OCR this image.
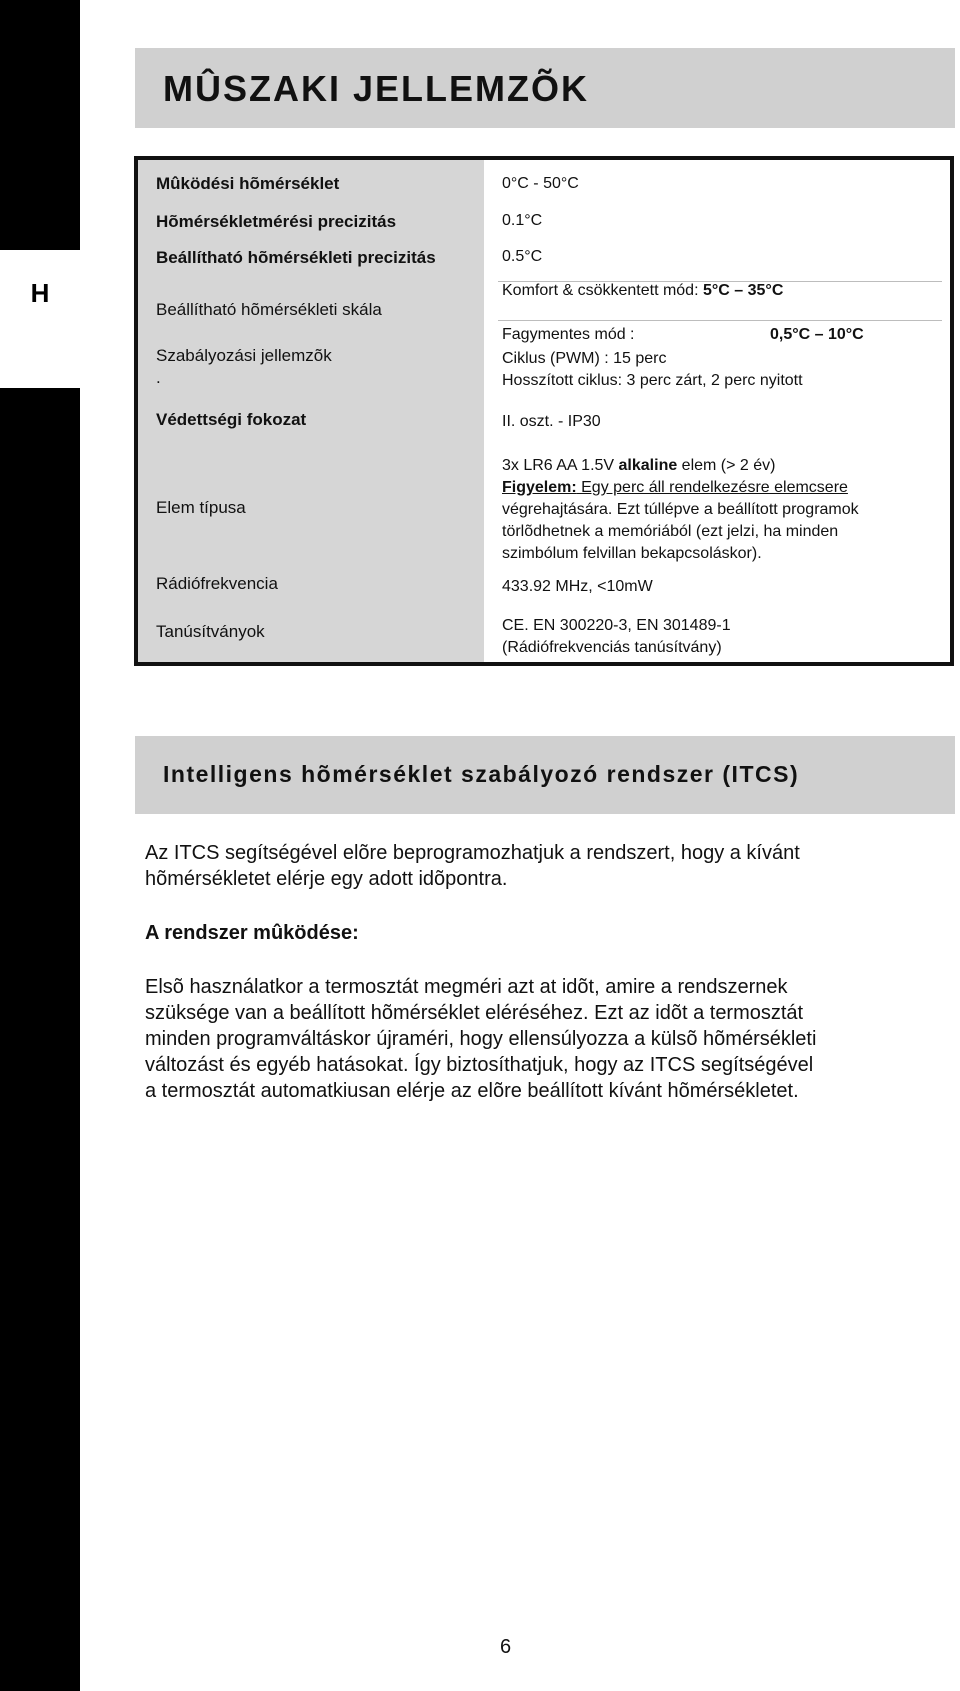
H
MÛSZAKI JELLEMZÕK
Mûködési hõmérséklet
Hõmérsékletmérési precizitás
Beállítható hõmérsékleti precizitás
Beállítható hõmérsékleti skála
Szabályozási jellemzõk
.
Védettségi fokozat
Elem típusa
Rádiófrekvencia
Tanúsítványok
0°C - 50°C
0.1°C
0.5°C
Komfort & csökkentett mód: 5°C – 35°C
Fagymentes mód :	0,5°C – 10°C
Ciklus (PWM) : 15 perc
Hosszított ciklus: 3 perc zárt, 2 perc nyitott
II. oszt. - IP30
3x LR6 AA 1.5V alkaline elem (> 2 év)
Figyelem: Egy perc áll rendelkezésre elemcsere
végrehajtására. Ezt túllépve a beállított programok
törlõdhetnek a memóriából (ezt jelzi, ha minden
szimbólum felvillan bekapcsoláskor).
433.92 MHz, <10mW
CE. EN 300220-3, EN 301489-1
(Rádiófrekvenciás tanúsítvány)
Intelligens hõmérséklet szabályozó rendszer (ITCS)
Az ITCS segítségével elõre beprogramozhatjuk a rendszert, hogy a kívánt
hõmérsékletet elérje egy adott idõpontra.
A rendszer mûködése:
Elsõ használatkor a termosztát megméri azt at idõt, amire a rendszernek
szüksége van a beállított hõmérséklet eléréséhez. Ezt az idõt a termosztát
minden programváltáskor újraméri, hogy ellensúlyozza a külsõ hõmérsékleti
változást és egyéb hatásokat. Így biztosíthatjuk, hogy az ITCS segítségével
a termosztát automatkiusan elérje az elõre beállított kívánt hõmérsékletet.
6
